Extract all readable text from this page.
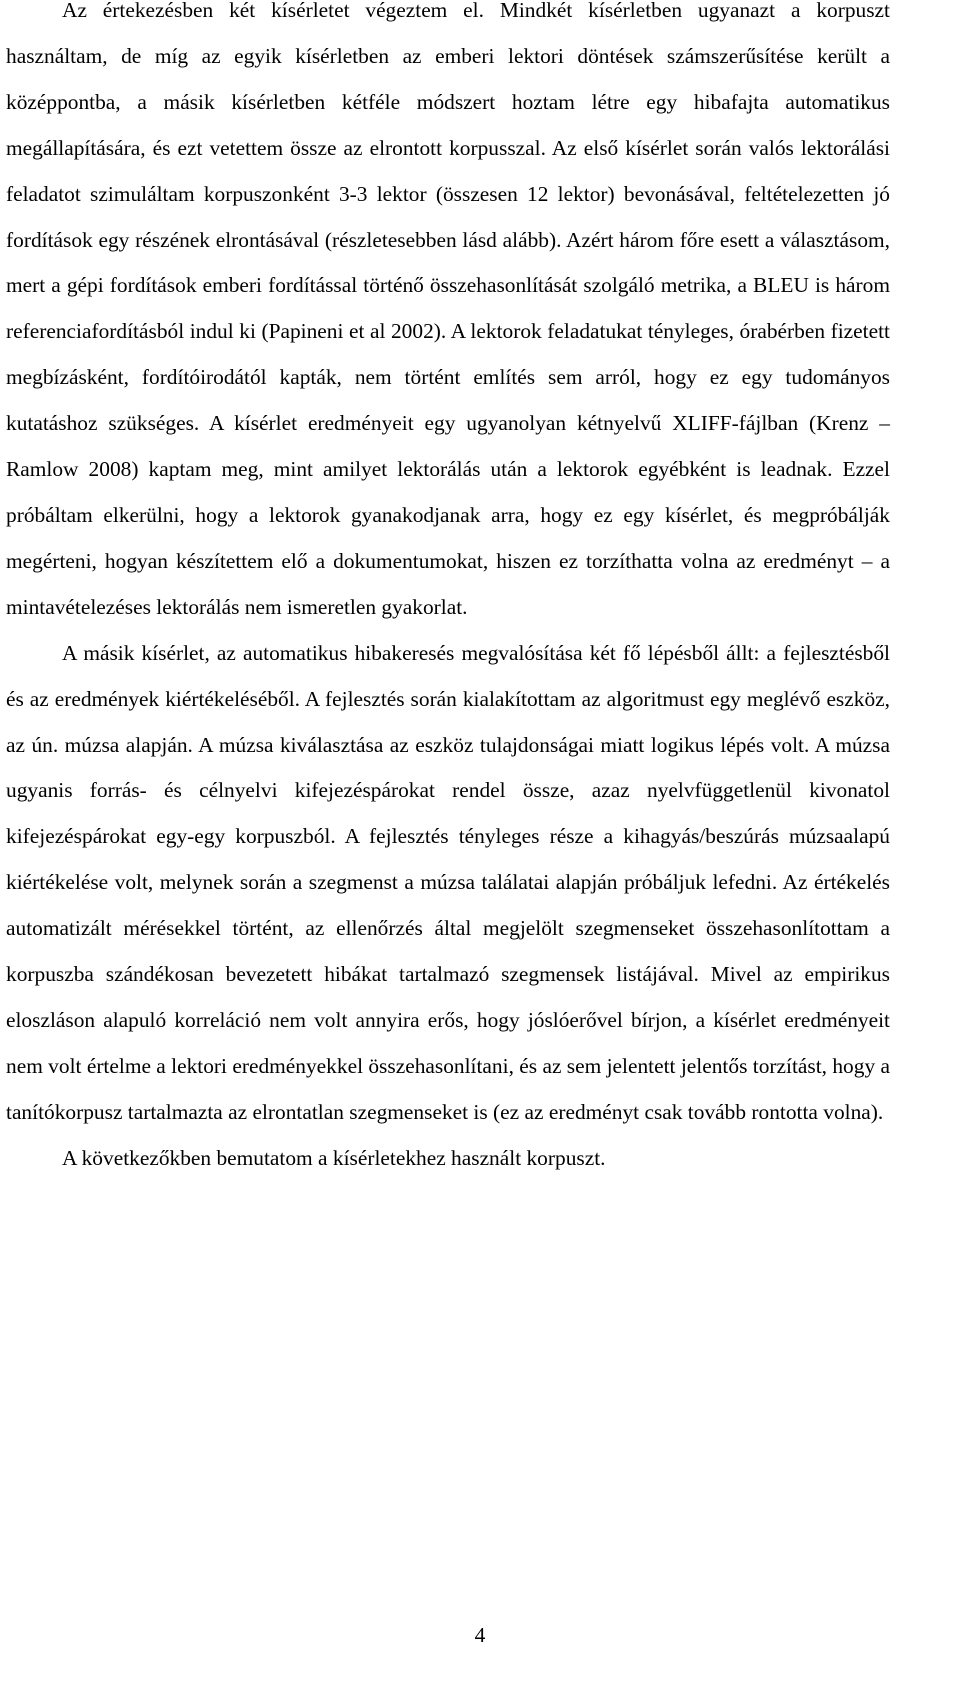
Az értekezésben két kísérletet végeztem el. Mindkét kísérletben ugyanazt a korpuszt használtam, de míg az egyik kísérletben az emberi lektori döntések számszerűsítése került a középpontba, a másik kísérletben kétféle módszert hoztam létre egy hibafajta automatikus megállapítására, és ezt vetettem össze az elrontott korpusszal. Az első kísérlet során valós lektorálási feladatot szimuláltam korpuszonként 3-3 lektor (összesen 12 lektor) bevonásával, feltételezetten jó fordítások egy részének elrontásával (részletesebben lásd alább). Azért három főre esett a választásom, mert a gépi fordítások emberi fordítással történő összehasonlítását szolgáló metrika, a BLEU is három referenciafordításból indul ki (Papineni et al 2002). A lektorok feladatukat tényleges, órabérben fizetett megbízásként, fordítóirodától kapták, nem történt említés sem arról, hogy ez egy tudományos kutatáshoz szükséges. A kísérlet eredményeit egy ugyanolyan kétnyelvű XLIFF-fájlban (Krenz – Ramlow 2008) kaptam meg, mint amilyet lektorálás után a lektorok egyébként is leadnak. Ezzel próbáltam elkerülni, hogy a lektorok gyanakodjanak arra, hogy ez egy kísérlet, és megpróbálják megérteni, hogyan készítettem elő a dokumentumokat, hiszen ez torzíthatta volna az eredményt – a mintavételezéses lektorálás nem ismeretlen gyakorlat.

A másik kísérlet, az automatikus hibakeresés megvalósítása két fő lépésből állt: a fejlesztésből és az eredmények kiértékeléséből. A fejlesztés során kialakítottam az algoritmust egy meglévő eszköz, az ún. múzsa alapján. A múzsa kiválasztása az eszköz tulajdonságai miatt logikus lépés volt. A múzsa ugyanis forrás- és célnyelvi kifejezéspárokat rendel össze, azaz nyelvfüggetlenül kivonatol kifejezéspárokat egy-egy korpuszból. A fejlesztés tényleges része a kihagyás/beszúrás múzsaalapú kiértékelése volt, melynek során a szegmenst a múzsa találatai alapján próbáljuk lefedni. Az értékelés automatizált mérésekkel történt, az ellenőrzés által megjelölt szegmenseket összehasonlítottam a korpuszba szándékosan bevezetett hibákat tartalmazó szegmensek listájával. Mivel az empirikus eloszláson alapuló korreláció nem volt annyira erős, hogy jóslóerővel bírjon, a kísérlet eredményeit nem volt értelme a lektori eredményekkel összehasonlítani, és az sem jelentett jelentős torzítást, hogy a tanítókorpusz tartalmazta az elrontatlan szegmenseket is (ez az eredményt csak tovább rontotta volna).

A következőkben bemutatom a kísérletekhez használt korpuszt.

4
